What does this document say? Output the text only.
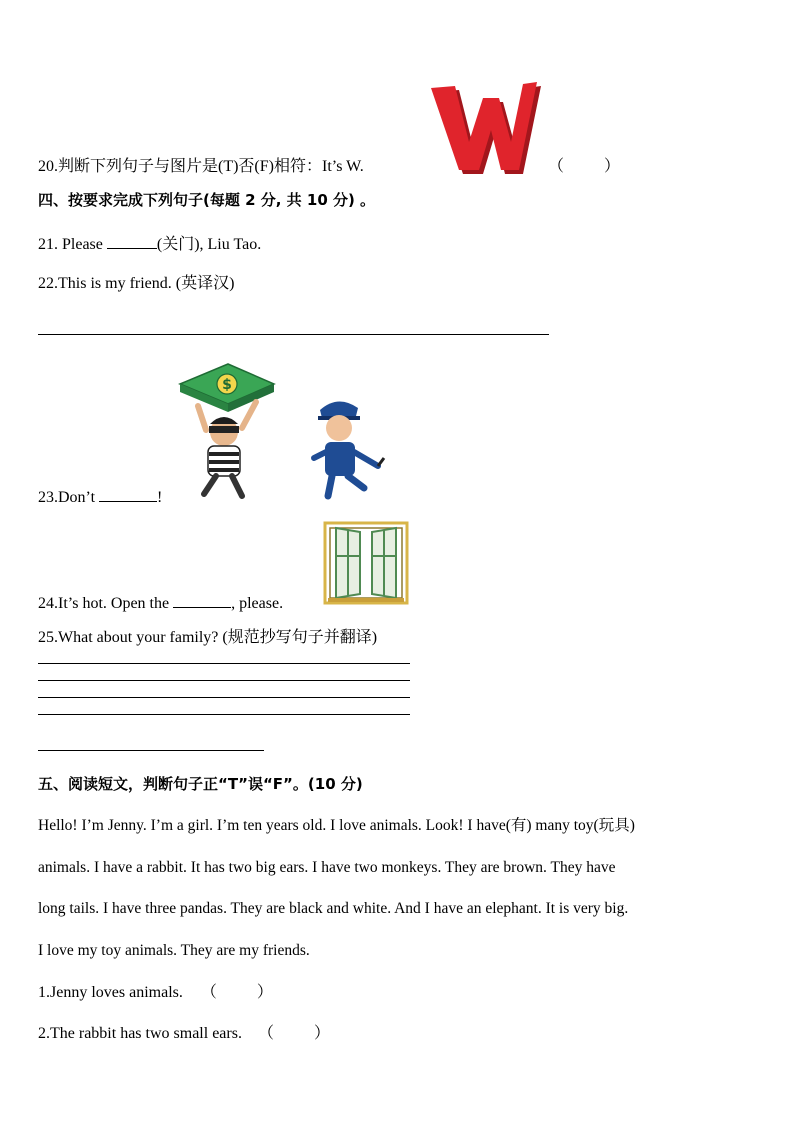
20.判断下列句子与图片是(T)否(F)相符：It’s W.	（	）
四、按要求完成下列句子(每题 2 分, 共 10 分) 。
21. Please	(关门), Liu Tao.
22.This is my friend. (英译汉)
$
23.Don’t	!
24.It’s hot. Open the	, please.
25.What about your family? (规范抄写句子并翻译)
五、阅读短文，判断句子正“T”误“F”。(10 分)
Hello! I’m Jenny. I’m a girl. I’m ten years old. I love animals. Look! I have(有) many toy(玩具)
animals. I have a rabbit. It has two big ears. I have two monkeys. They are brown. They have
long tails. I have three pandas. They are black and white. And I have an elephant. It is very big.
I love my toy animals. They are my friends.
1.Jenny loves animals. （	）
2.The rabbit has two small ears. （	）
